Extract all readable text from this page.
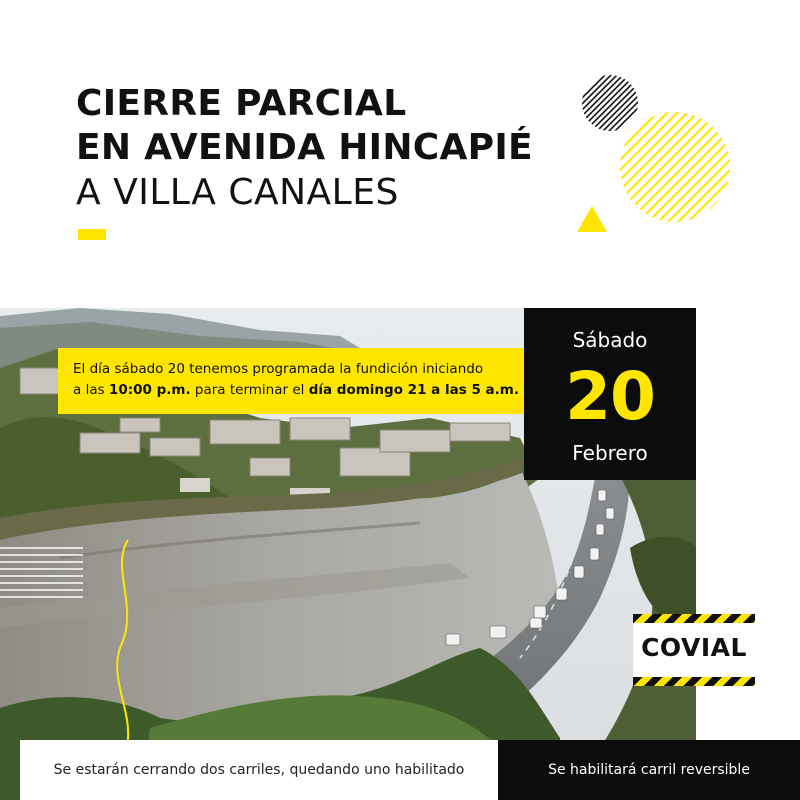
CIERRE PARCIAL
EN AVENIDA HINCAPIÉ
A VILLA CANALES
El día sábado 20 tenemos programada la fundición iniciando
a las 10:00 p.m. para terminar el día domingo 21 a las 5 a.m.
Sábado
20
Febrero
COVIAL
Se estarán cerrando dos carriles, quedando uno habilitado	Se habilitará carril reversible
